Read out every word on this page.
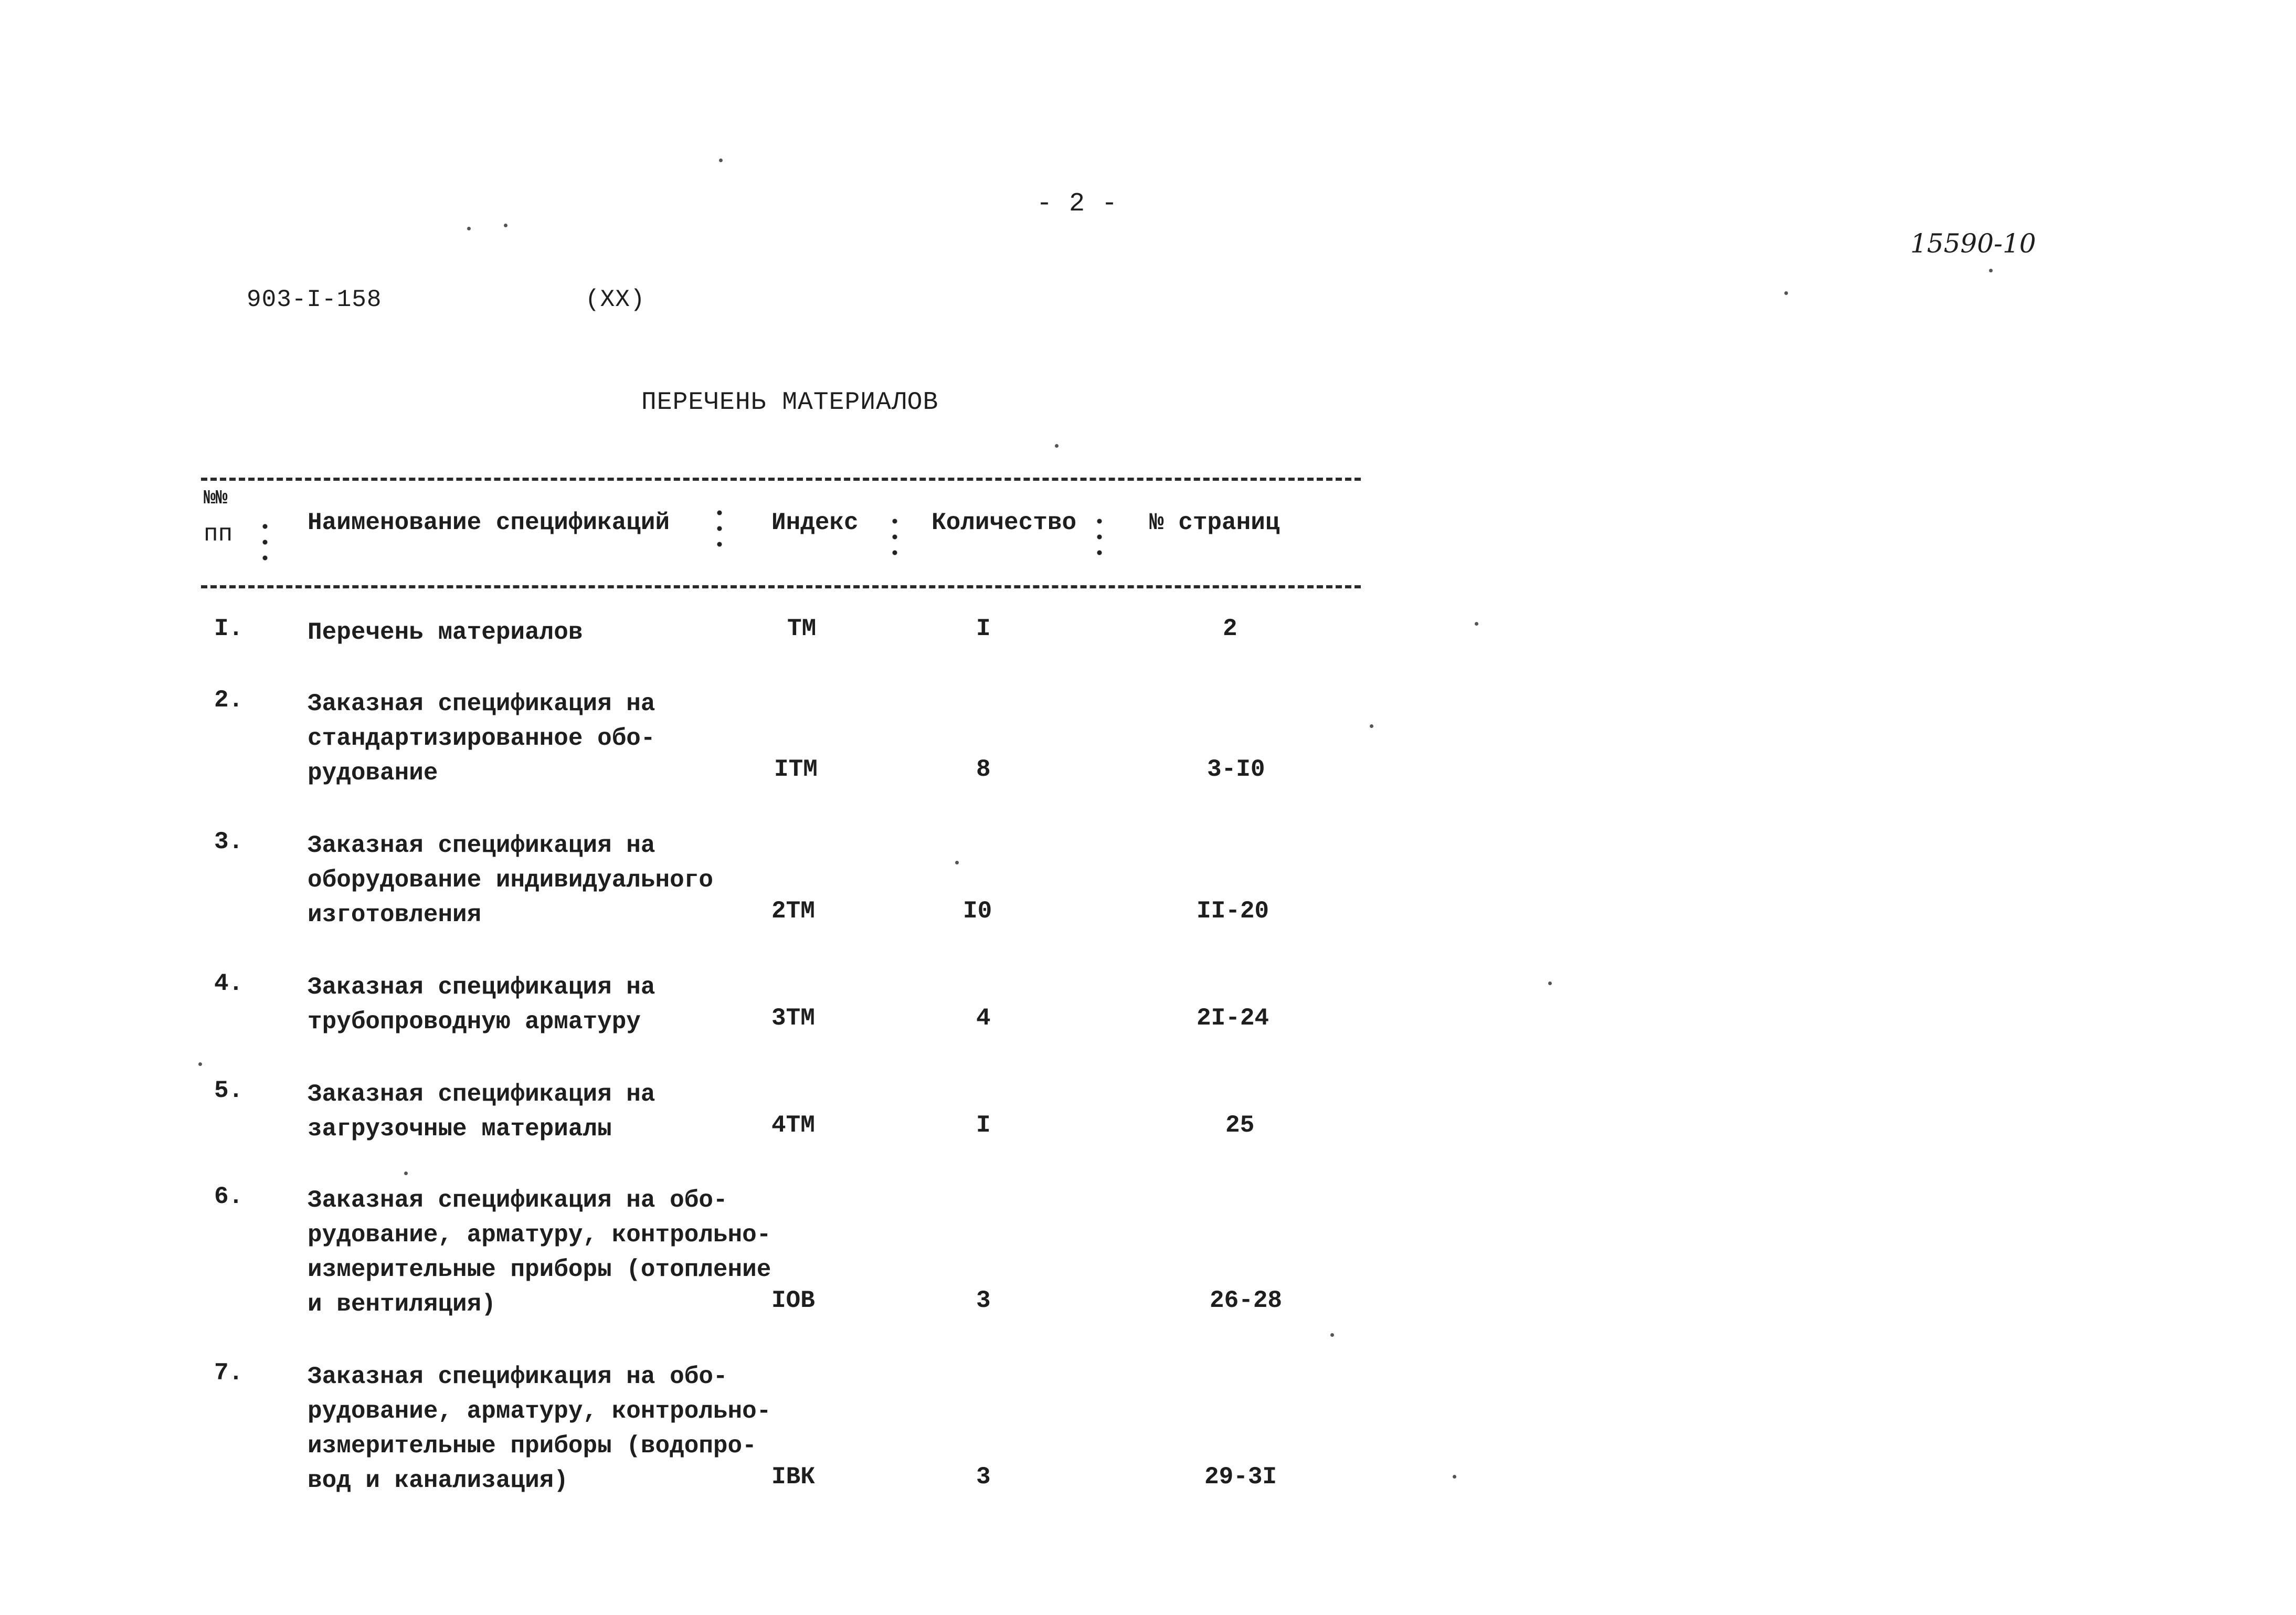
- 2 -
15590-10
903-I-158	(XX)
ПЕРЕЧЕНЬ МАТЕРИАЛОВ
№№
пп	Наименование спецификаций	Индекс	Количество	№ страниц
I.	Перечень материалов	ТМ	I	2
2.	Заказная спецификация на
стандартизированное обо-
рудование	IТМ	8	3-I0
3.	Заказная спецификация на
оборудование индивидуального
изготовления	2ТМ	I0	II-20
4.	Заказная спецификация на
трубопроводную арматуру	3ТМ	4	2I-24
5.	Заказная спецификация на
загрузочные материалы	4ТМ	I	25
6.	Заказная спецификация на обо-
рудование, арматуру, контрольно-
измерительные приборы (отопление
и вентиляция)	IОВ	3	26-28
7.	Заказная спецификация на обо-
рудование, арматуру, контрольно-
измерительные приборы (водопро-
вод и канализация)	IВК	3	29-3I
